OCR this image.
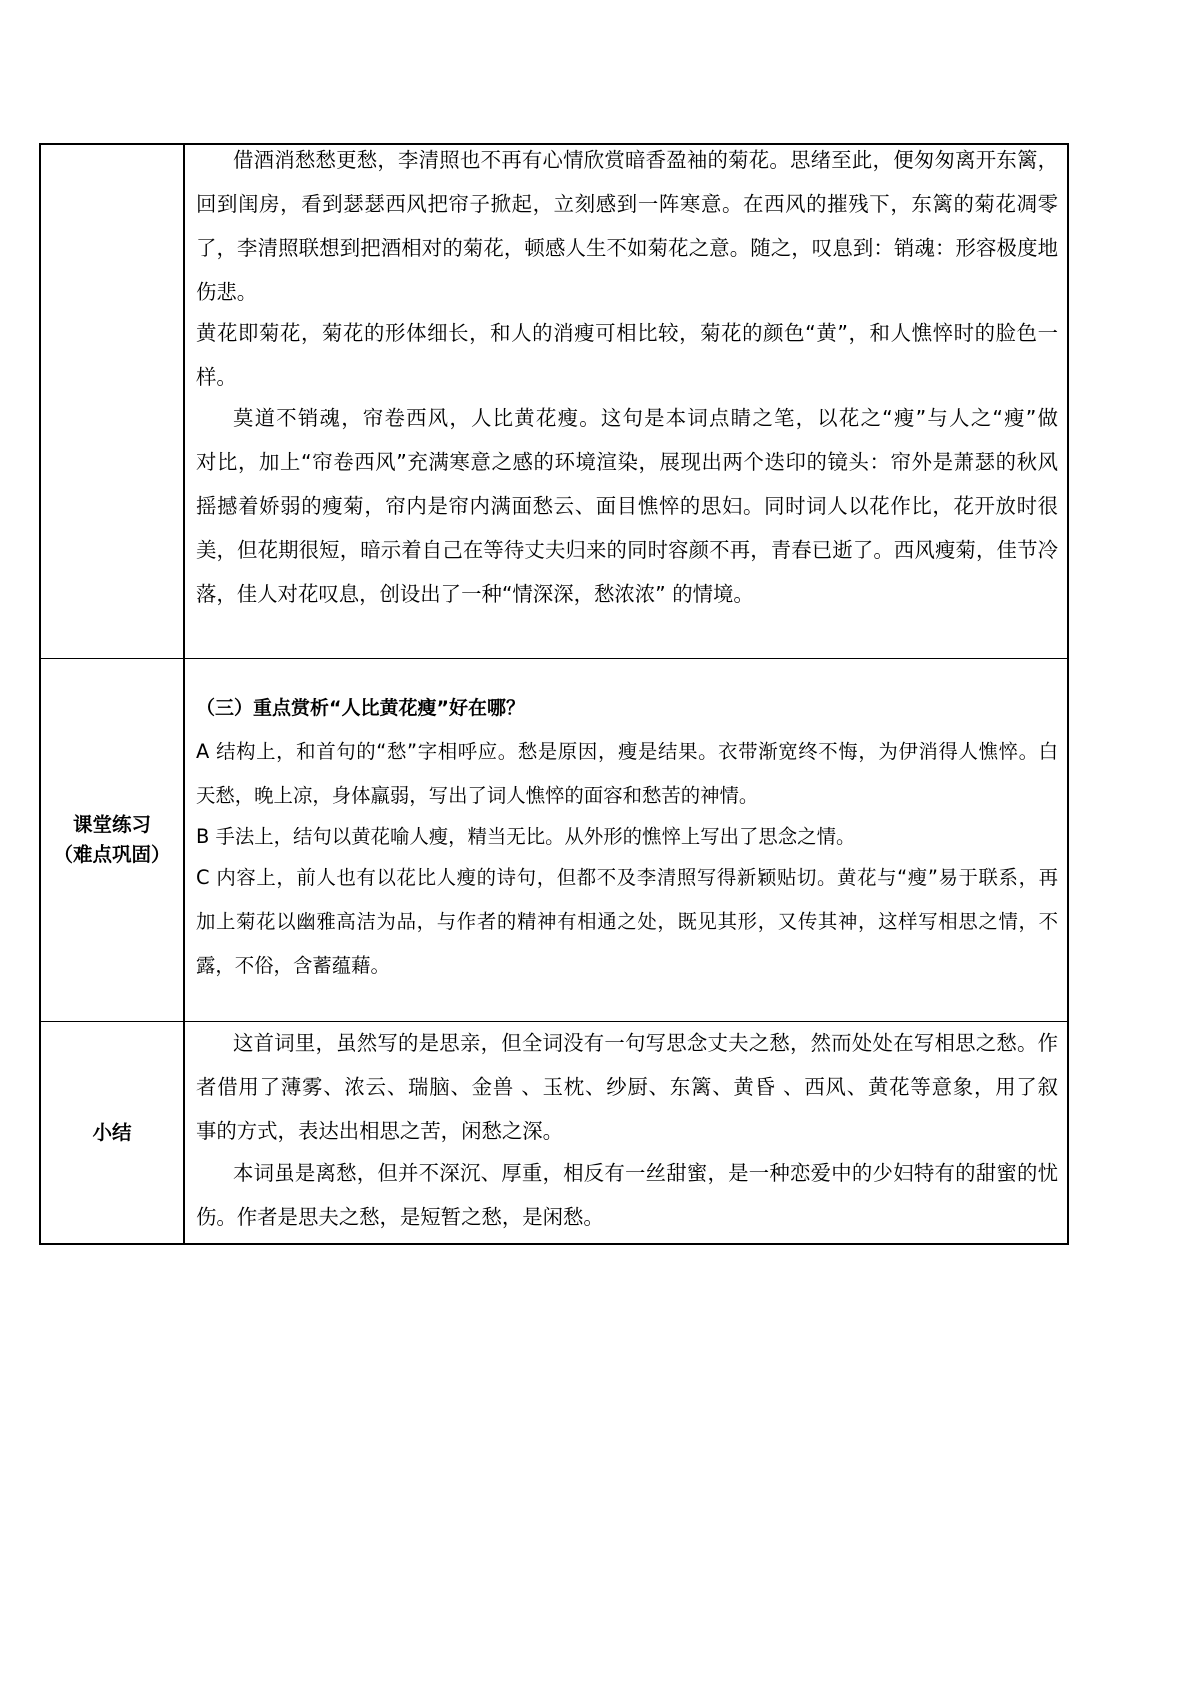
借酒消愁愁更愁，李清照也不再有心情欣赏暗香盈袖的菊花。思绪至此，便匆匆离开东篱，
回到闺房，看到瑟瑟西风把帘子掀起，立刻感到一阵寒意。在西风的摧残下，东篱的菊花凋零
了，李清照联想到把酒相对的菊花，顿感人生不如菊花之意。随之，叹息到：销魂：形容极度地
伤悲。
黄花即菊花，菊花的形体细长，和人的消瘦可相比较，菊花的颜色“黄”，和人憔悴时的脸色一
样。
莫道不销魂，帘卷西风，人比黄花瘦。这句是本词点睛之笔，以花之“瘦”与人之“瘦”做
对比，加上“帘卷西风”充满寒意之感的环境渲染，展现出两个迭印的镜头：帘外是萧瑟的秋风
摇撼着娇弱的瘦菊，帘内是帘内满面愁云、面目憔悴的思妇。同时词人以花作比，花开放时很
美，但花期很短，暗示着自己在等待丈夫归来的同时容颜不再，青春已逝了。西风瘦菊，佳节冷
落，佳人对花叹息，创设出了一种“情深深，愁浓浓” 的情境。
课堂练习
（难点巩固）
（三）重点赏析“人比黄花瘦”好在哪？
A 结构上，和首句的“愁”字相呼应。愁是原因，瘦是结果。衣带渐宽终不悔，为伊消得人憔悴。白
天愁，晚上凉，身体羸弱，写出了词人憔悴的面容和愁苦的神情。
B 手法上，结句以黄花喻人瘦，精当无比。从外形的憔悴上写出了思念之情。
C 内容上，前人也有以花比人瘦的诗句，但都不及李清照写得新颖贴切。黄花与“瘦”易于联系，再
加上菊花以幽雅高洁为品，与作者的精神有相通之处，既见其形，又传其神，这样写相思之情，不
露，不俗，含蓄蕴藉。
小结
这首词里，虽然写的是思亲，但全词没有一句写思念丈夫之愁，然而处处在写相思之愁。作
者借用了薄雾、浓云、瑞脑、金兽 、玉枕、纱厨、东篱、黄昏 、西风、黄花等意象，用了叙
事的方式，表达出相思之苦，闲愁之深。
本词虽是离愁，但并不深沉、厚重，相反有一丝甜蜜，是一种恋爱中的少妇特有的甜蜜的忧
伤。作者是思夫之愁，是短暂之愁，是闲愁。
